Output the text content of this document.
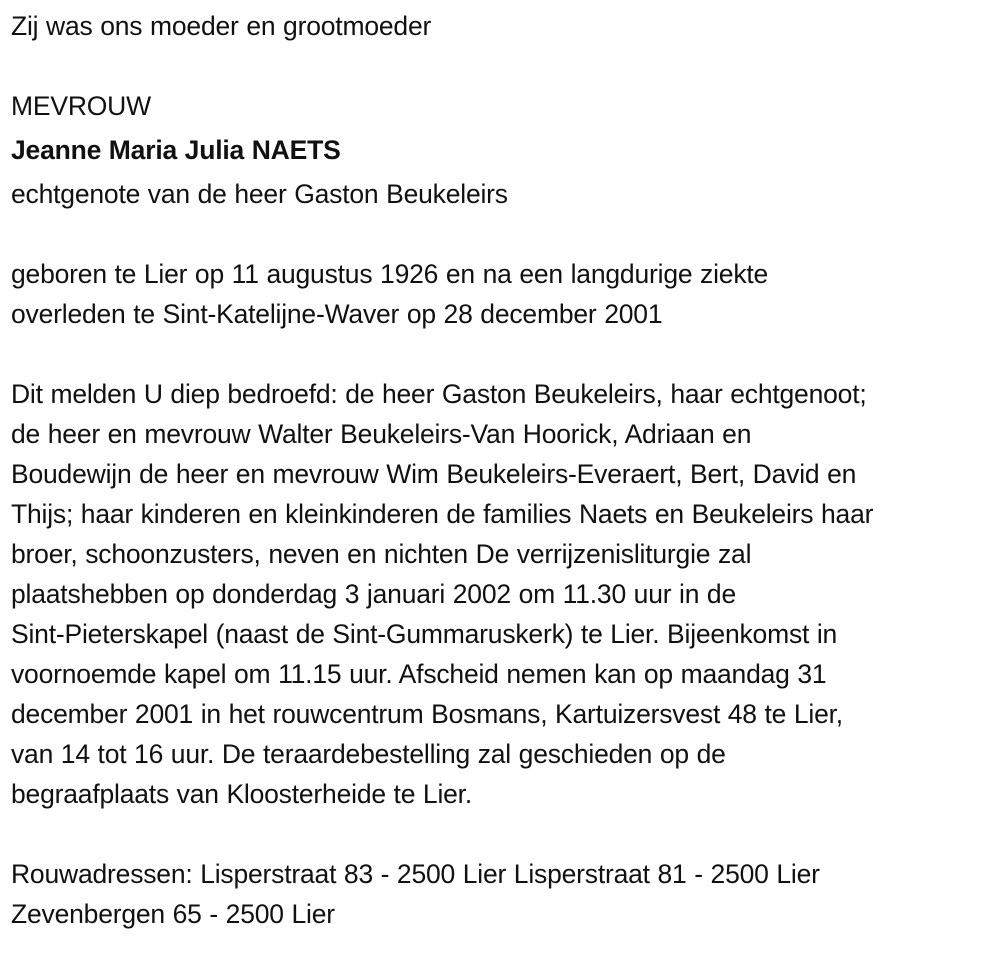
Zij was ons moeder en grootmoeder
MEVROUW
Jeanne Maria Julia NAETS
echtgenote van de heer Gaston Beukeleirs
geboren te Lier op 11 augustus 1926 en na een langdurige ziekte
overleden te Sint-Katelijne-Waver op 28 december 2001
Dit melden U diep bedroefd: de heer Gaston Beukeleirs, haar echtgenoot;
de heer en mevrouw Walter Beukeleirs-Van Hoorick, Adriaan en
Boudewijn de heer en mevrouw Wim Beukeleirs-Everaert, Bert, David en
Thijs; haar kinderen en kleinkinderen de families Naets en Beukeleirs haar
broer, schoonzusters, neven en nichten De verrijzenisliturgie zal
plaatshebben op donderdag 3 januari 2002 om 11.30 uur in de
Sint-Pieterskapel (naast de Sint-Gummaruskerk) te Lier. Bijeenkomst in
voornoemde kapel om 11.15 uur. Afscheid nemen kan op maandag 31
december 2001 in het rouwcentrum Bosmans, Kartuizersvest 48 te Lier,
van 14 tot 16 uur. De teraardebestelling zal geschieden op de
begraafplaats van Kloosterheide te Lier.
Rouwadressen: Lisperstraat 83 - 2500 Lier Lisperstraat 81 - 2500 Lier
Zevenbergen 65 - 2500 Lier
